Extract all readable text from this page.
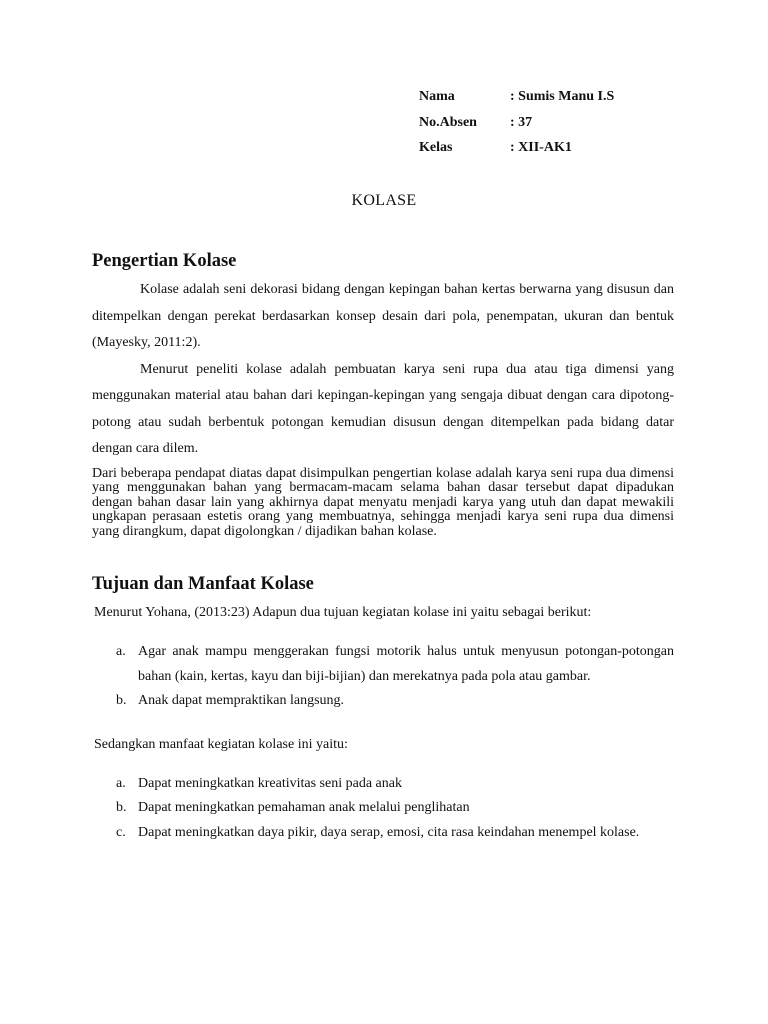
Nama	: Sumis Manu I.S
No.Absen	: 37
Kelas	: XII-AK1
KOLASE
Pengertian Kolase

Kolase adalah seni dekorasi bidang dengan kepingan bahan kertas berwarna yang disusun dan ditempelkan dengan perekat berdasarkan konsep desain dari pola, penempatan, ukuran dan bentuk (Mayesky, 2011:2).

Menurut peneliti kolase adalah pembuatan karya seni rupa dua atau tiga dimensi yang menggunakan material atau bahan dari kepingan-kepingan yang sengaja dibuat dengan cara dipotong-potong atau sudah berbentuk potongan kemudian disusun dengan ditempelkan pada bidang datar dengan cara dilem.

Dari beberapa pendapat diatas dapat disimpulkan pengertian kolase adalah karya seni rupa dua dimensi yang menggunakan bahan yang bermacam-macam selama bahan dasar tersebut dapat dipadukan dengan bahan dasar lain yang akhirnya dapat menyatu menjadi karya yang utuh dan dapat mewakili ungkapan perasaan estetis orang yang membuatnya, sehingga menjadi karya seni rupa dua dimensi yang dirangkum, dapat digolongkan / dijadikan bahan kolase.

Tujuan dan Manfaat Kolase

Menurut Yohana, (2013:23) Adapun dua tujuan kegiatan kolase ini yaitu sebagai berikut:

a. Agar anak mampu menggerakan fungsi motorik halus untuk menyusun potongan-potongan bahan (kain, kertas, kayu dan biji-bijian) dan merekatnya pada pola atau gambar.
b. Anak dapat mempraktikan langsung.

Sedangkan manfaat kegiatan kolase ini yaitu:

a. Dapat meningkatkan kreativitas seni pada anak
b. Dapat meningkatkan pemahaman anak melalui penglihatan
c. Dapat meningkatkan daya pikir, daya serap, emosi, cita rasa keindahan menempel kolase.
